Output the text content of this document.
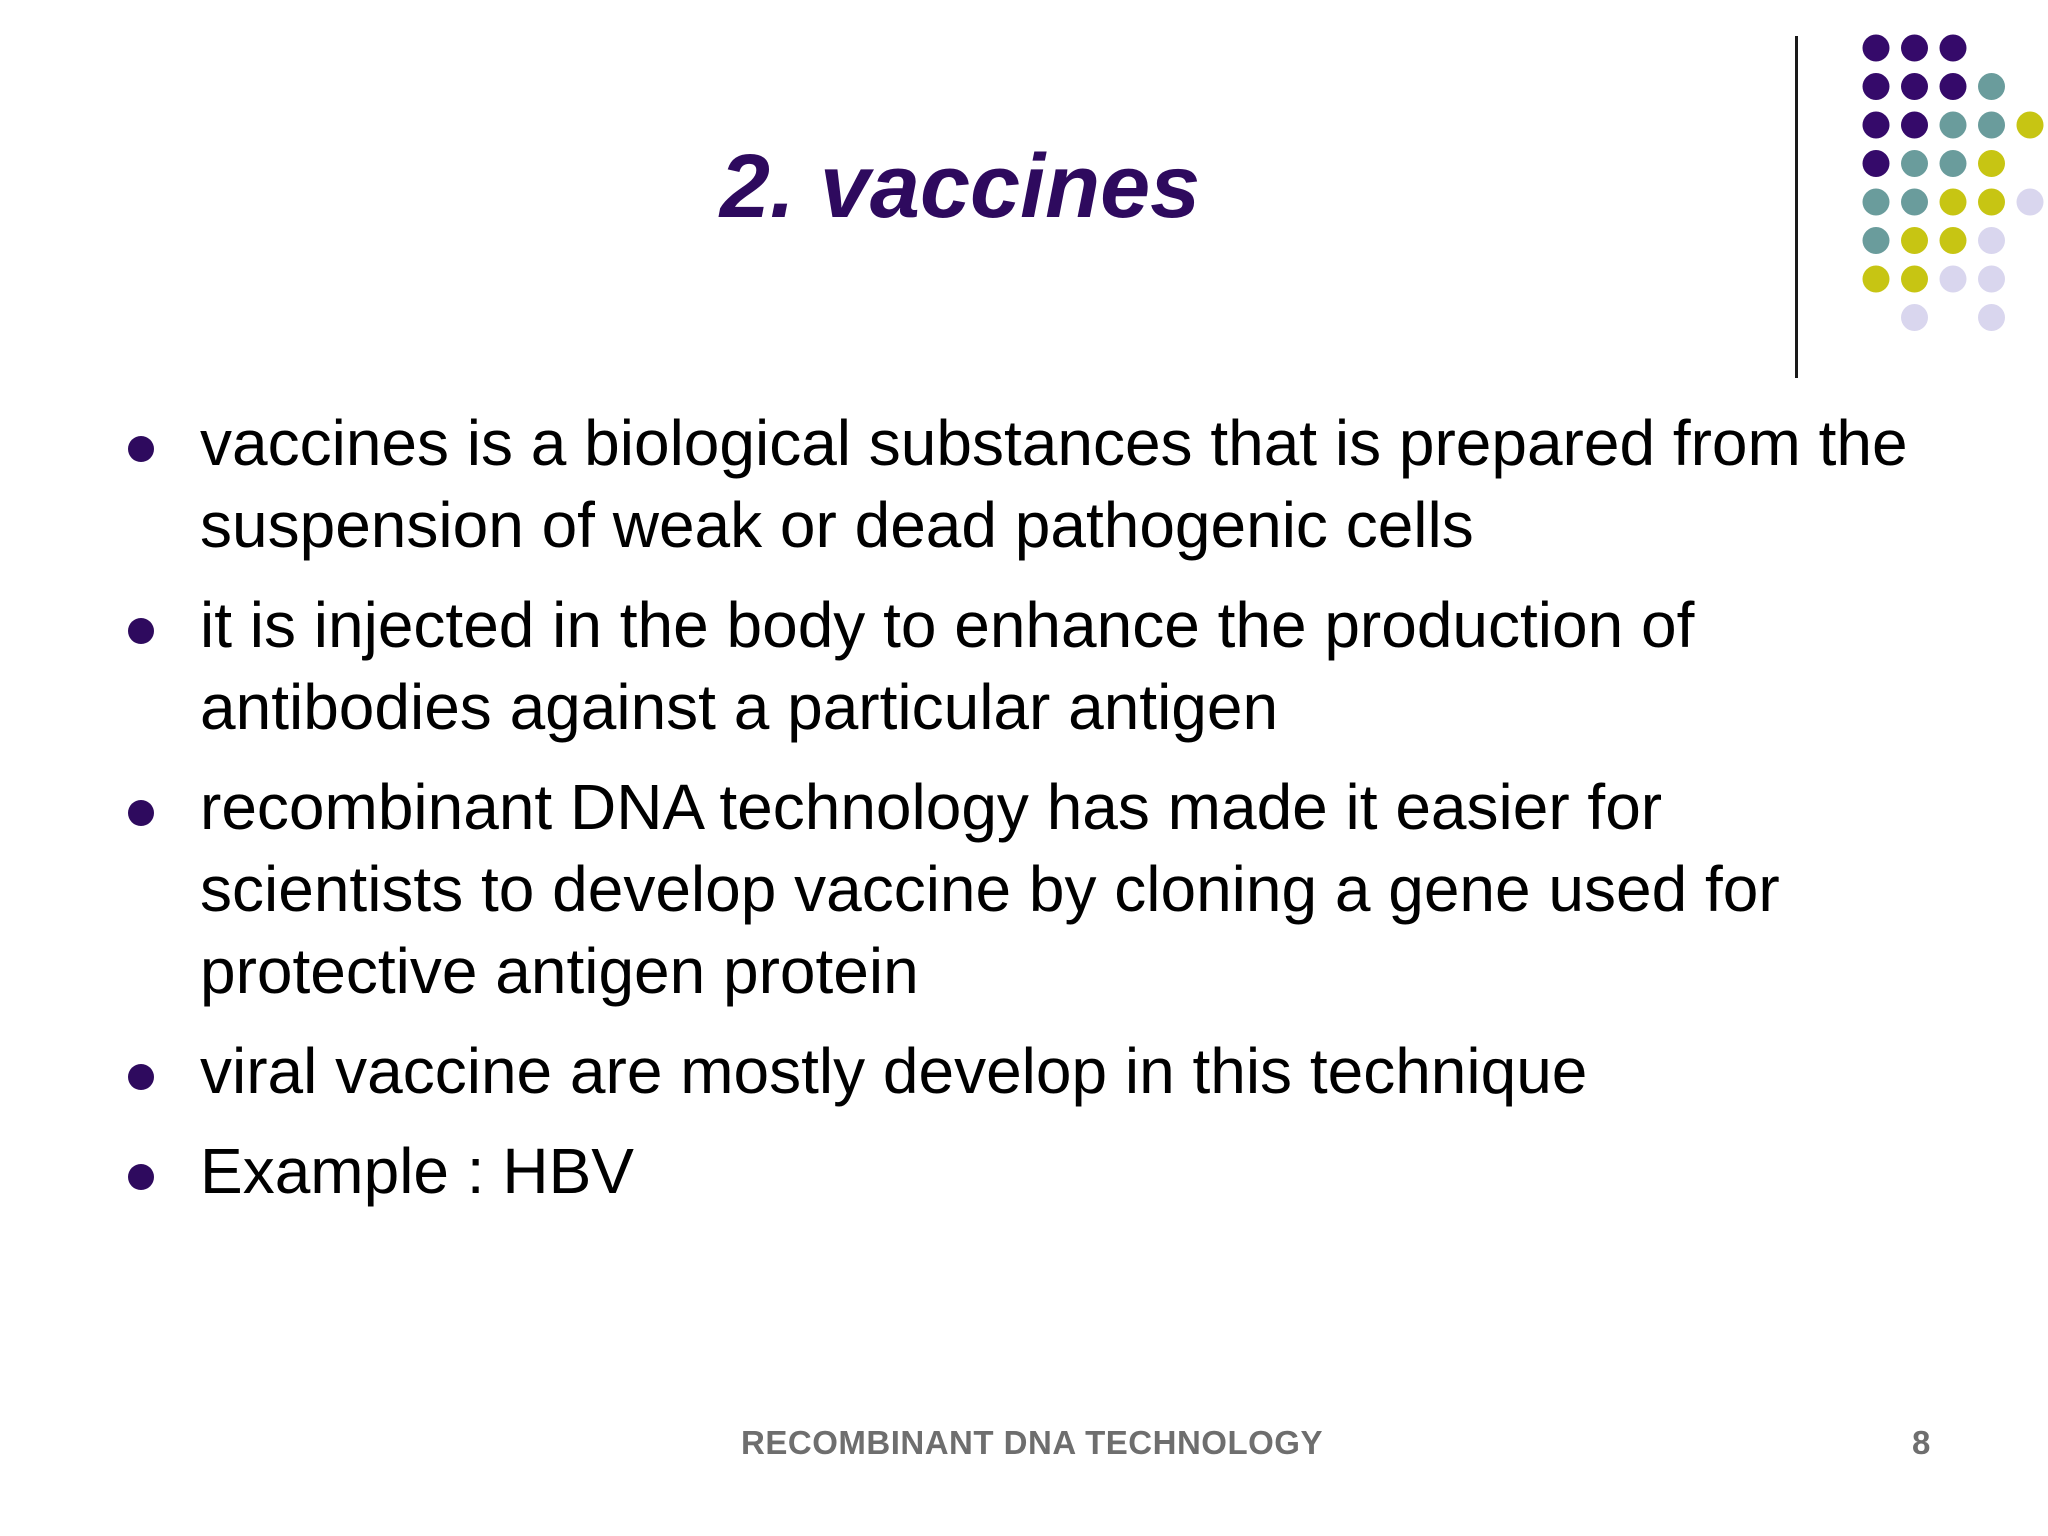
2. vaccines
vaccines is a biological substances that is prepared from the suspension of weak or dead pathogenic cells
it is injected in the body to enhance the production of antibodies against a particular antigen
recombinant DNA technology has made it easier for scientists to develop vaccine by cloning a gene used for protective antigen protein
viral vaccine are mostly develop in this technique
Example : HBV
RECOMBINANT DNA TECHNOLOGY	8
